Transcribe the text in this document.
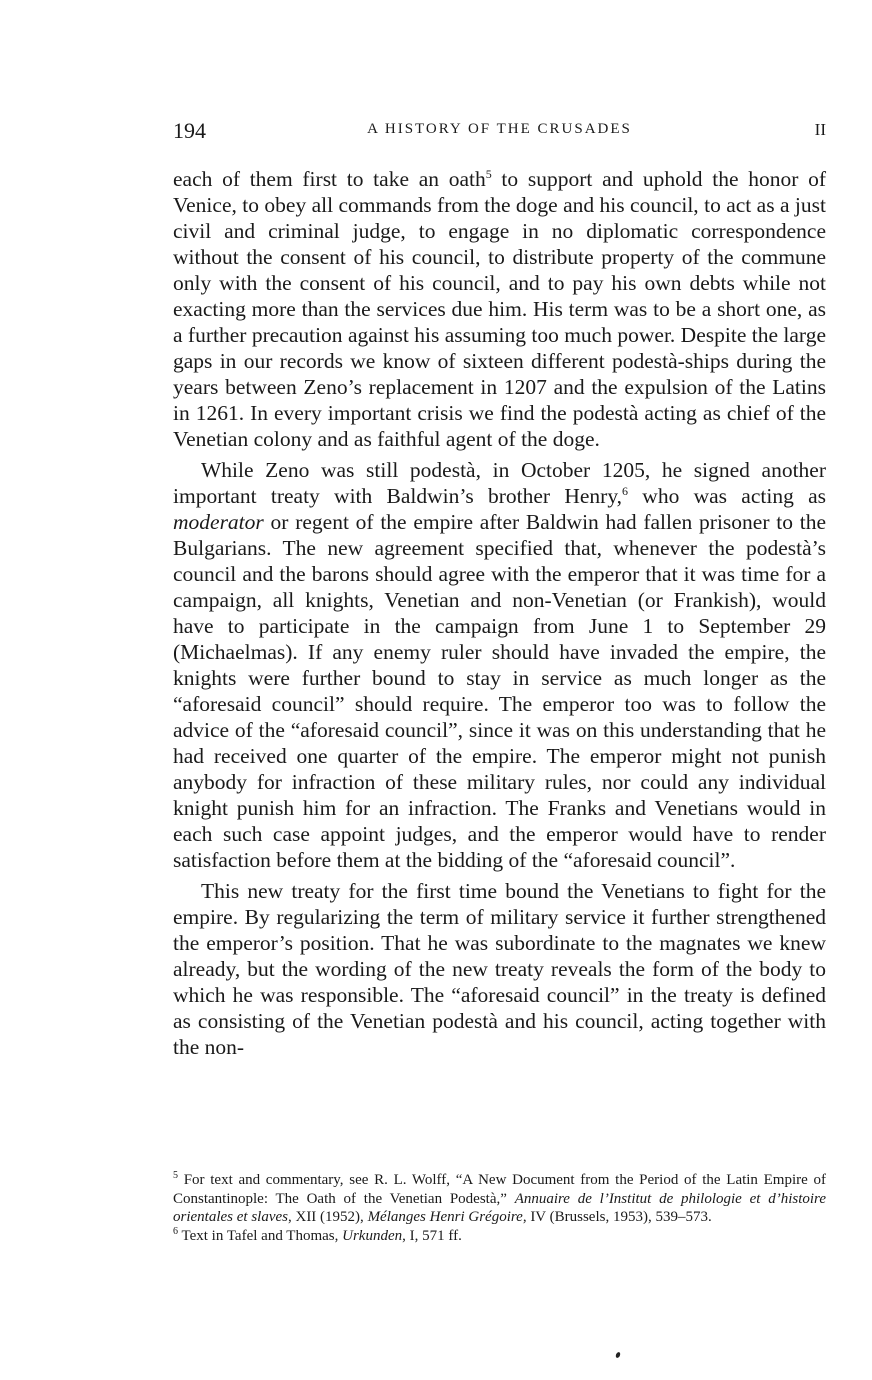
194	A HISTORY OF THE CRUSADES	II

each of them first to take an oath$^5$ to support and uphold the honor of Venice, to obey all commands from the doge and his council, to act as a just civil and criminal judge, to engage in no diplomatic correspondence without the consent of his council, to distribute property of the commune only with the consent of his council, and to pay his own debts while not exacting more than the services due him. His term was to be a short one, as a further precaution against his assuming too much power. Despite the large gaps in our records we know of sixteen different podestà-ships during the years between Zeno’s replacement in 1207 and the expulsion of the Latins in 1261. In every important crisis we find the podestà acting as chief of the Venetian colony and as faithful agent of the doge.

While Zeno was still podestà, in October 1205, he signed another important treaty with Baldwin’s brother Henry,$^6$ who was acting as moderator or regent of the empire after Baldwin had fallen prisoner to the Bulgarians. The new agreement specified that, whenever the podestà’s council and the barons should agree with the emperor that it was time for a campaign, all knights, Venetian and non-Venetian (or Frankish), would have to participate in the campaign from June 1 to September 29 (Michaelmas). If any enemy ruler should have invaded the empire, the knights were further bound to stay in service as much longer as the “aforesaid council” should require. The emperor too was to follow the advice of the “aforesaid council”, since it was on this understanding that he had received one quarter of the empire. The emperor might not punish anybody for infraction of these military rules, nor could any individual knight punish him for an infraction. The Franks and Venetians would in each such case appoint judges, and the emperor would have to render satisfaction before them at the bidding of the “aforesaid council”.

This new treaty for the first time bound the Venetians to fight for the empire. By regularizing the term of military service it further strengthened the emperor’s position. That he was subordinate to the magnates we knew already, but the wording of the new treaty reveals the form of the body to which he was responsible. The “aforesaid council” in the treaty is defined as consisting of the Venetian podestà and his council, acting together with the non-

$^5$ For text and commentary, see R. L. Wolff, “A New Document from the Period of the Latin Empire of Constantinople: The Oath of the Venetian Podestà,” Annuaire de l’Institut de philologie et d’histoire orientales et slaves, XII (1952), Mélanges Henri Grégoire, IV (Brussels, 1953), 539–573.

$^6$ Text in Tafel and Thomas, Urkunden, I, 571 ff.
